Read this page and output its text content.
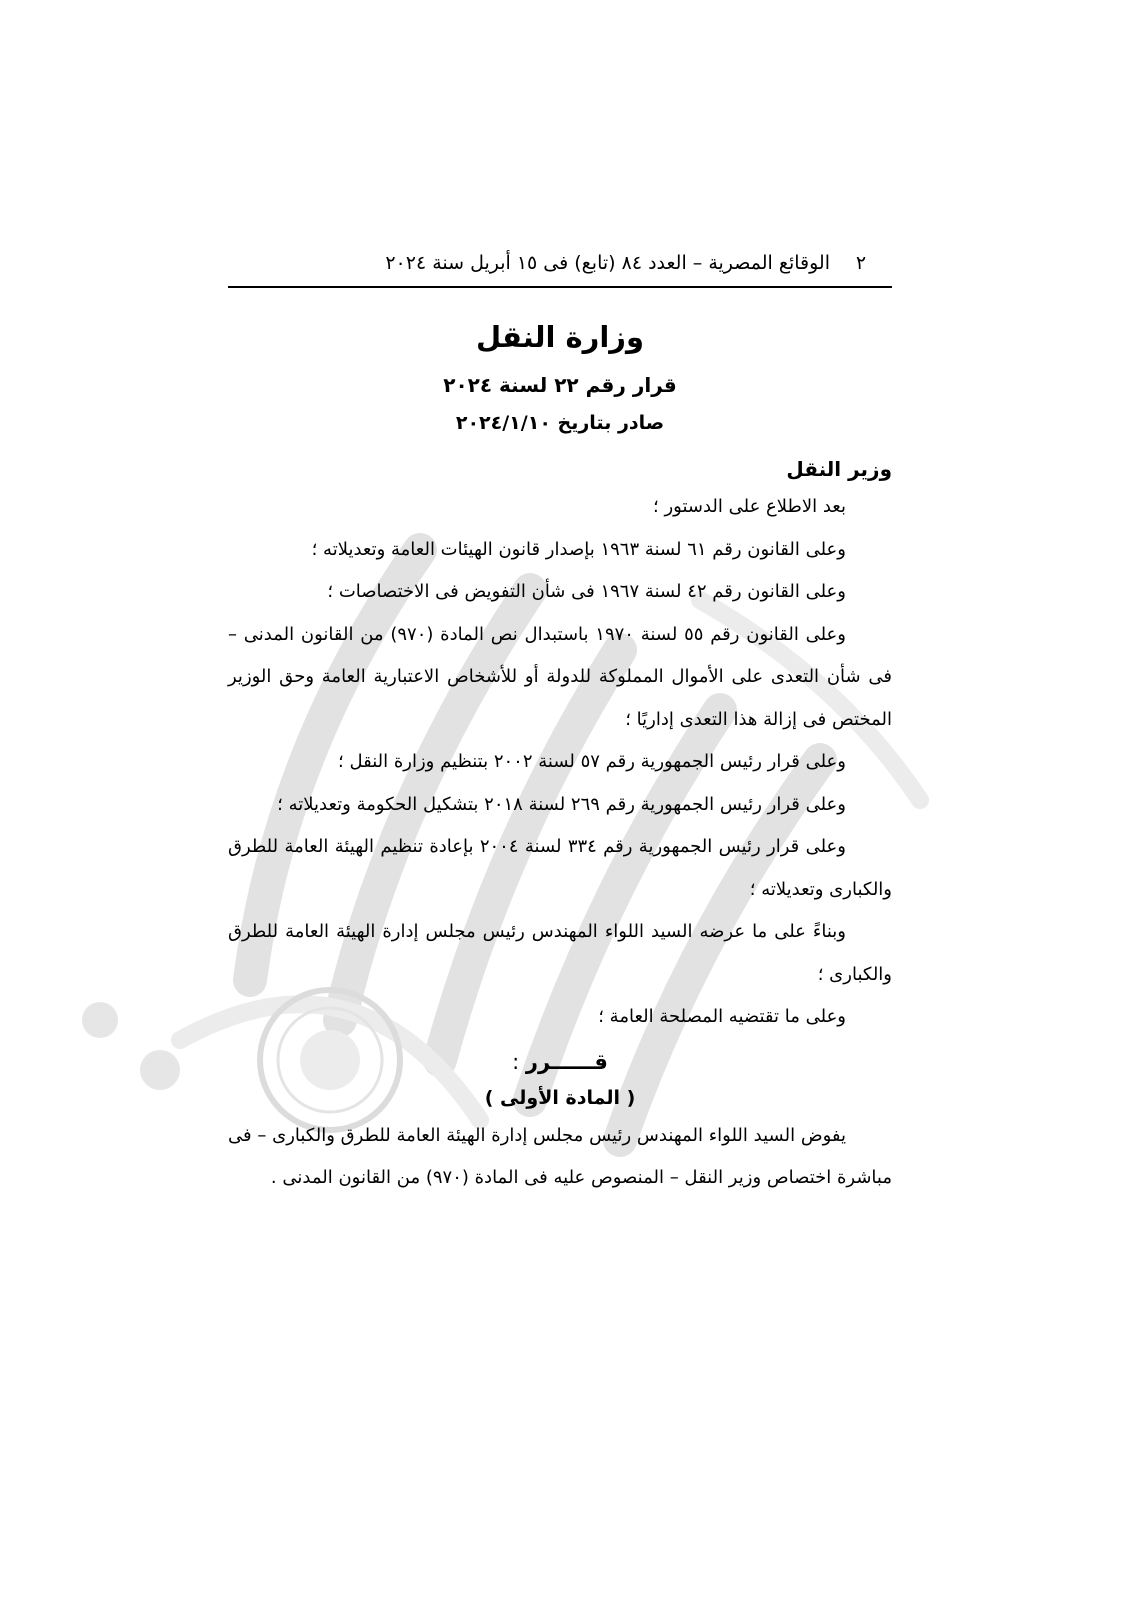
٢
الوقائع المصرية – العدد ٨٤ (تابع) فى ١٥ أبريل سنة ٢٠٢٤
وزارة النقل
قرار رقم ٢٢ لسنة ٢٠٢٤
صادر بتاريخ ٢٠٢٤/١/١٠
وزير النقل
بعد الاطلاع على الدستور ؛
وعلى القانون رقم ٦١ لسنة ١٩٦٣ بإصدار قانون الهيئات العامة وتعديلاته ؛
وعلى القانون رقم ٤٢ لسنة ١٩٦٧ فى شأن التفويض فى الاختصاصات ؛
وعلى القانون رقم ٥٥ لسنة ١٩٧٠ باستبدال نص المادة (٩٧٠) من القانون المدنى – فى شأن التعدى على الأموال المملوكة للدولة أو للأشخاص الاعتبارية العامة وحق الوزير المختص فى إزالة هذا التعدى إداريًا ؛
وعلى قرار رئيس الجمهورية رقم ٥٧ لسنة ٢٠٠٢ بتنظيم وزارة النقل ؛
وعلى قرار رئيس الجمهورية رقم ٢٦٩ لسنة ٢٠١٨ بتشكيل الحكومة وتعديلاته ؛
وعلى قرار رئيس الجمهورية رقم ٣٣٤ لسنة ٢٠٠٤ بإعادة تنظيم الهيئة العامة للطرق والكبارى وتعديلاته ؛
وبناءً على ما عرضه السيد اللواء المهندس رئيس مجلس إدارة الهيئة العامة للطرق والكبارى ؛
وعلى ما تقتضيه المصلحة العامة ؛
قــــــرر :
( المادة الأولى )
يفوض السيد اللواء المهندس رئيس مجلس إدارة الهيئة العامة للطرق والكبارى – فى مباشرة اختصاص وزير النقل – المنصوص عليه فى المادة (٩٧٠) من القانون المدنى .
